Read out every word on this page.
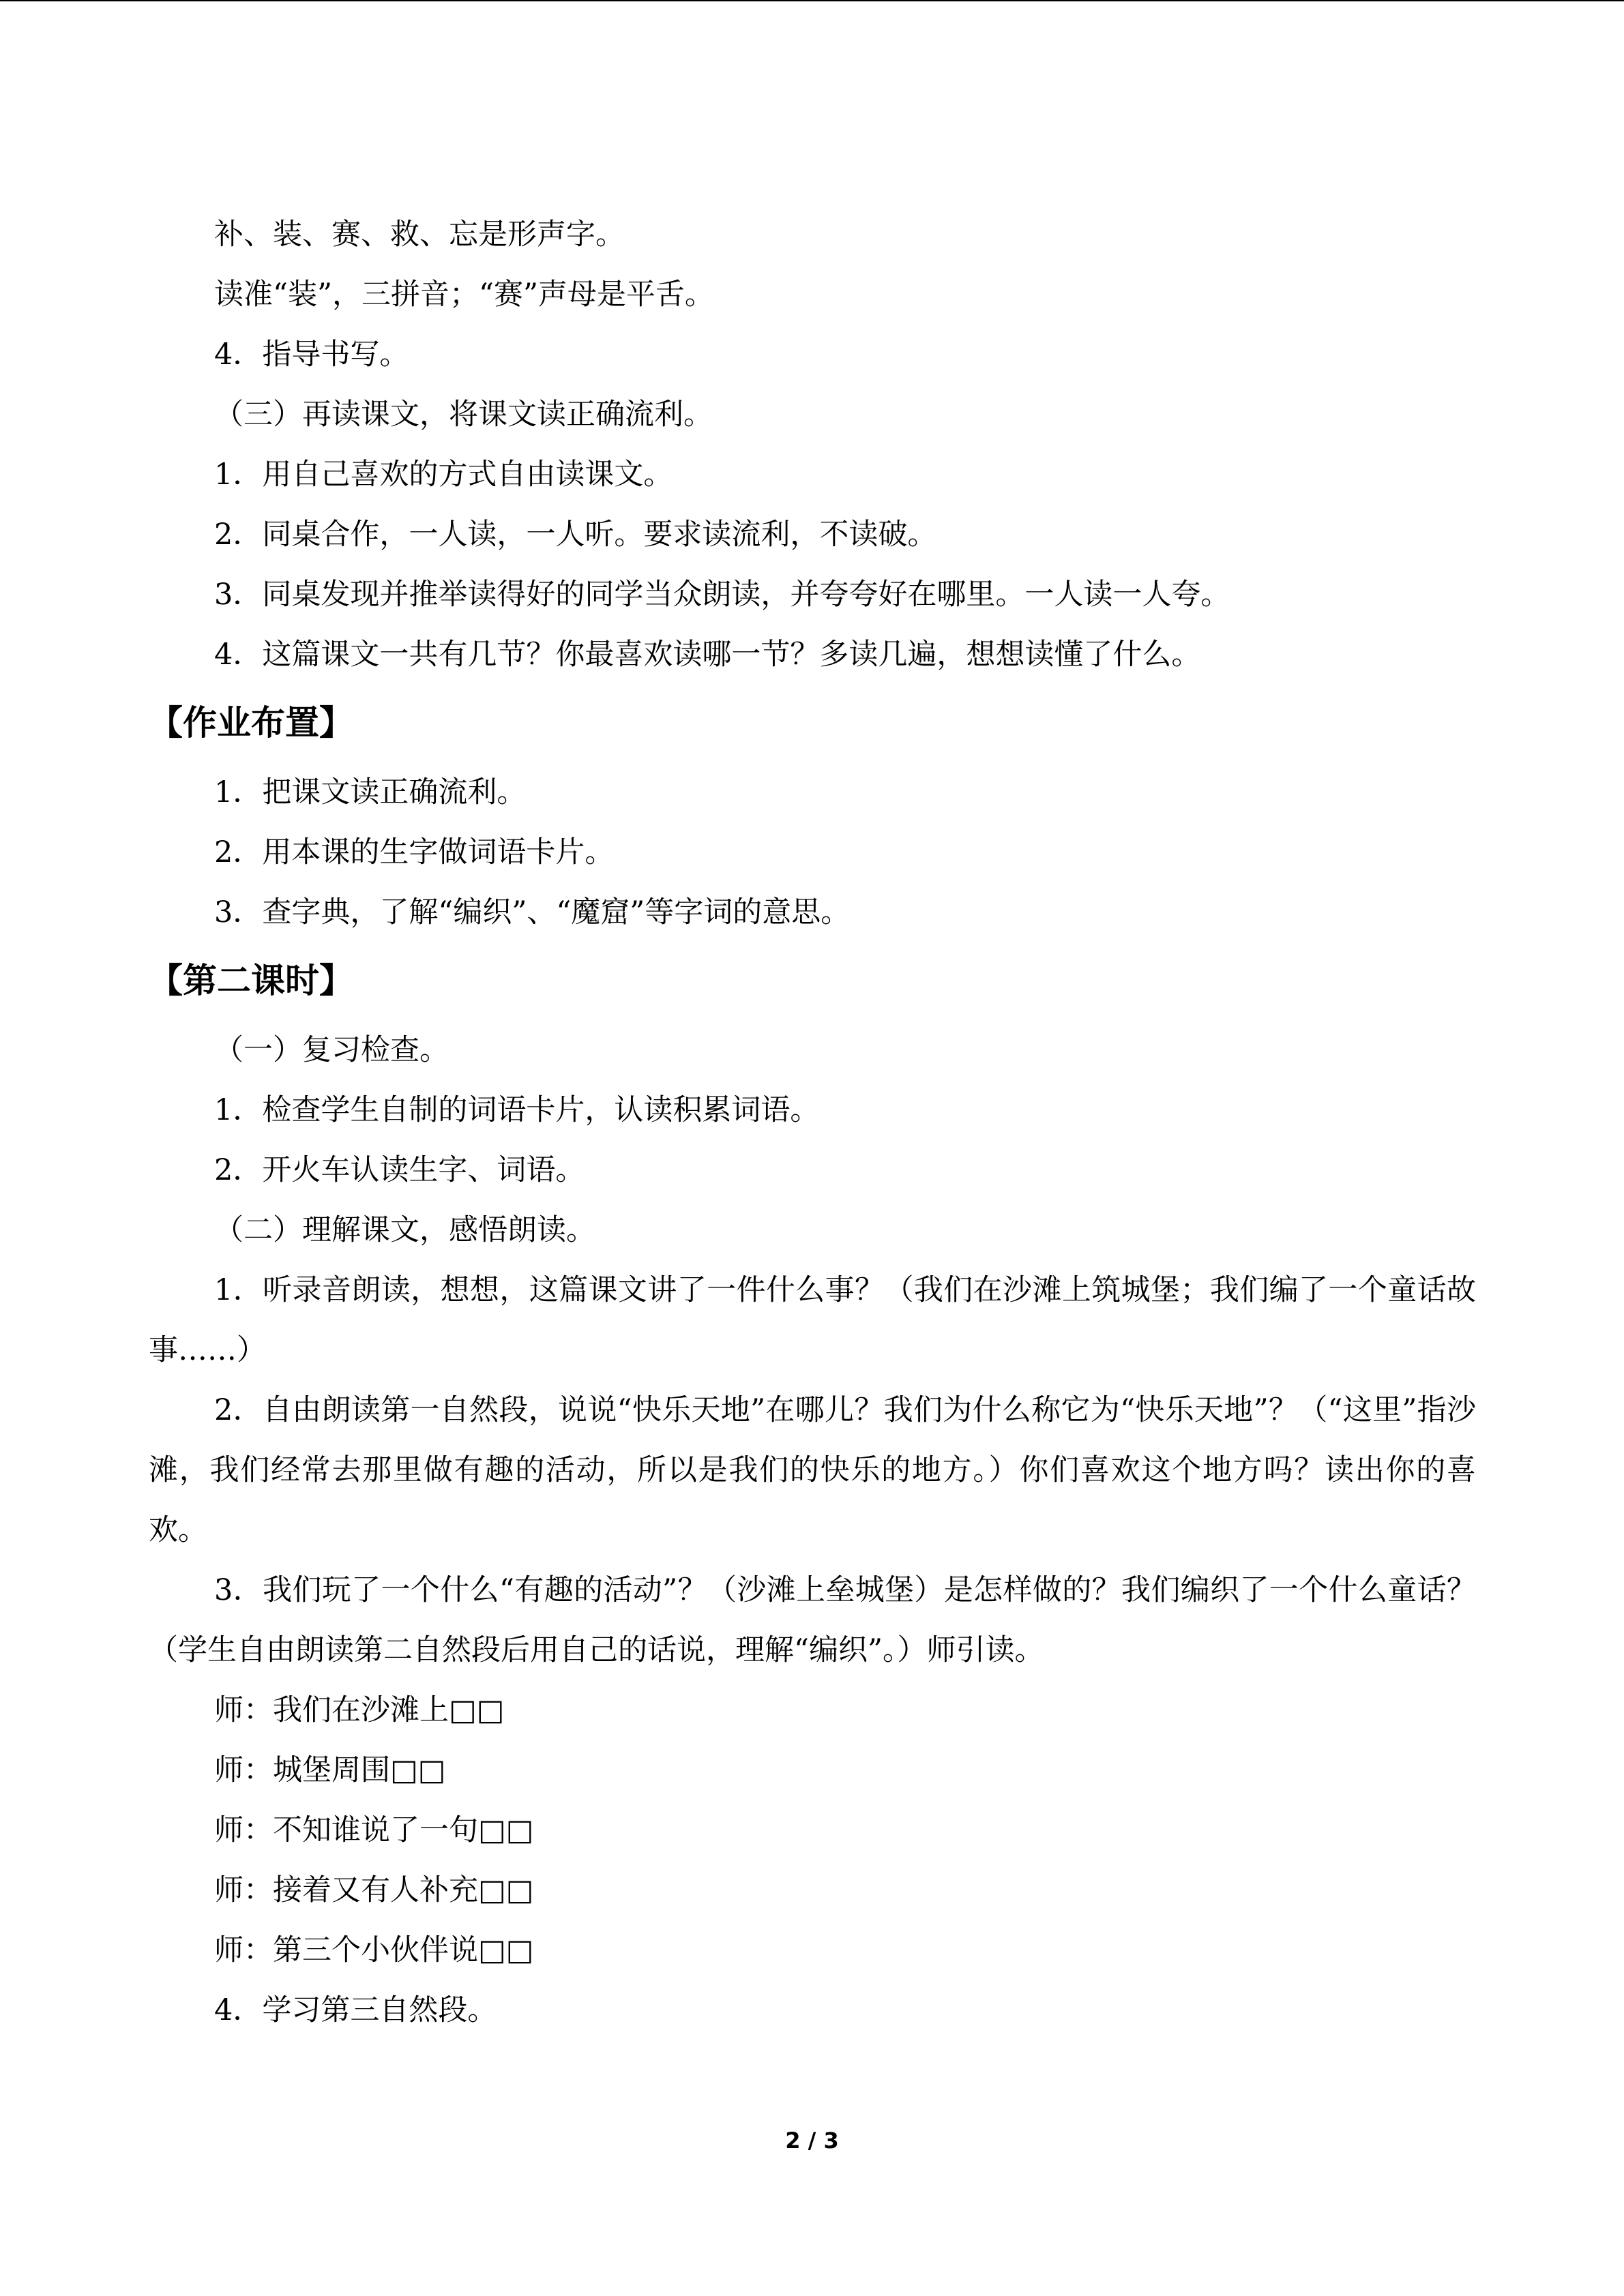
补、装、赛、救、忘是形声字。
读准“装”，三拼音；“赛”声母是平舌。
4．指导书写。
（三）再读课文，将课文读正确流利。
1．用自己喜欢的方式自由读课文。
2．同桌合作，一人读，一人听。要求读流利，不读破。
3．同桌发现并推举读得好的同学当众朗读，并夸夸好在哪里。一人读一人夸。
4．这篇课文一共有几节？你最喜欢读哪一节？多读几遍，想想读懂了什么。
【作业布置】
1．把课文读正确流利。
2．用本课的生字做词语卡片。
3．查字典，了解“编织”、“魔窟”等字词的意思。
【第二课时】
（一）复习检查。
1．检查学生自制的词语卡片，认读积累词语。
2．开火车认读生字、词语。
（二）理解课文，感悟朗读。
1．听录音朗读，想想，这篇课文讲了一件什么事？（我们在沙滩上筑城堡；我们编了一个童话故事……）
2．自由朗读第一自然段，说说“快乐天地”在哪儿？我们为什么称它为“快乐天地”？（“这里”指沙滩，我们经常去那里做有趣的活动，所以是我们的快乐的地方。）你们喜欢这个地方吗？读出你的喜欢。
3．我们玩了一个什么“有趣的活动”？（沙滩上垒城堡）是怎样做的？我们编织了一个什么童话？（学生自由朗读第二自然段后用自己的话说，理解“编织”。）师引读。
师：我们在沙滩上□□
师：城堡周围□□
师：不知谁说了一句□□
师：接着又有人补充□□
师：第三个小伙伴说□□
4．学习第三自然段。
2 / 3
